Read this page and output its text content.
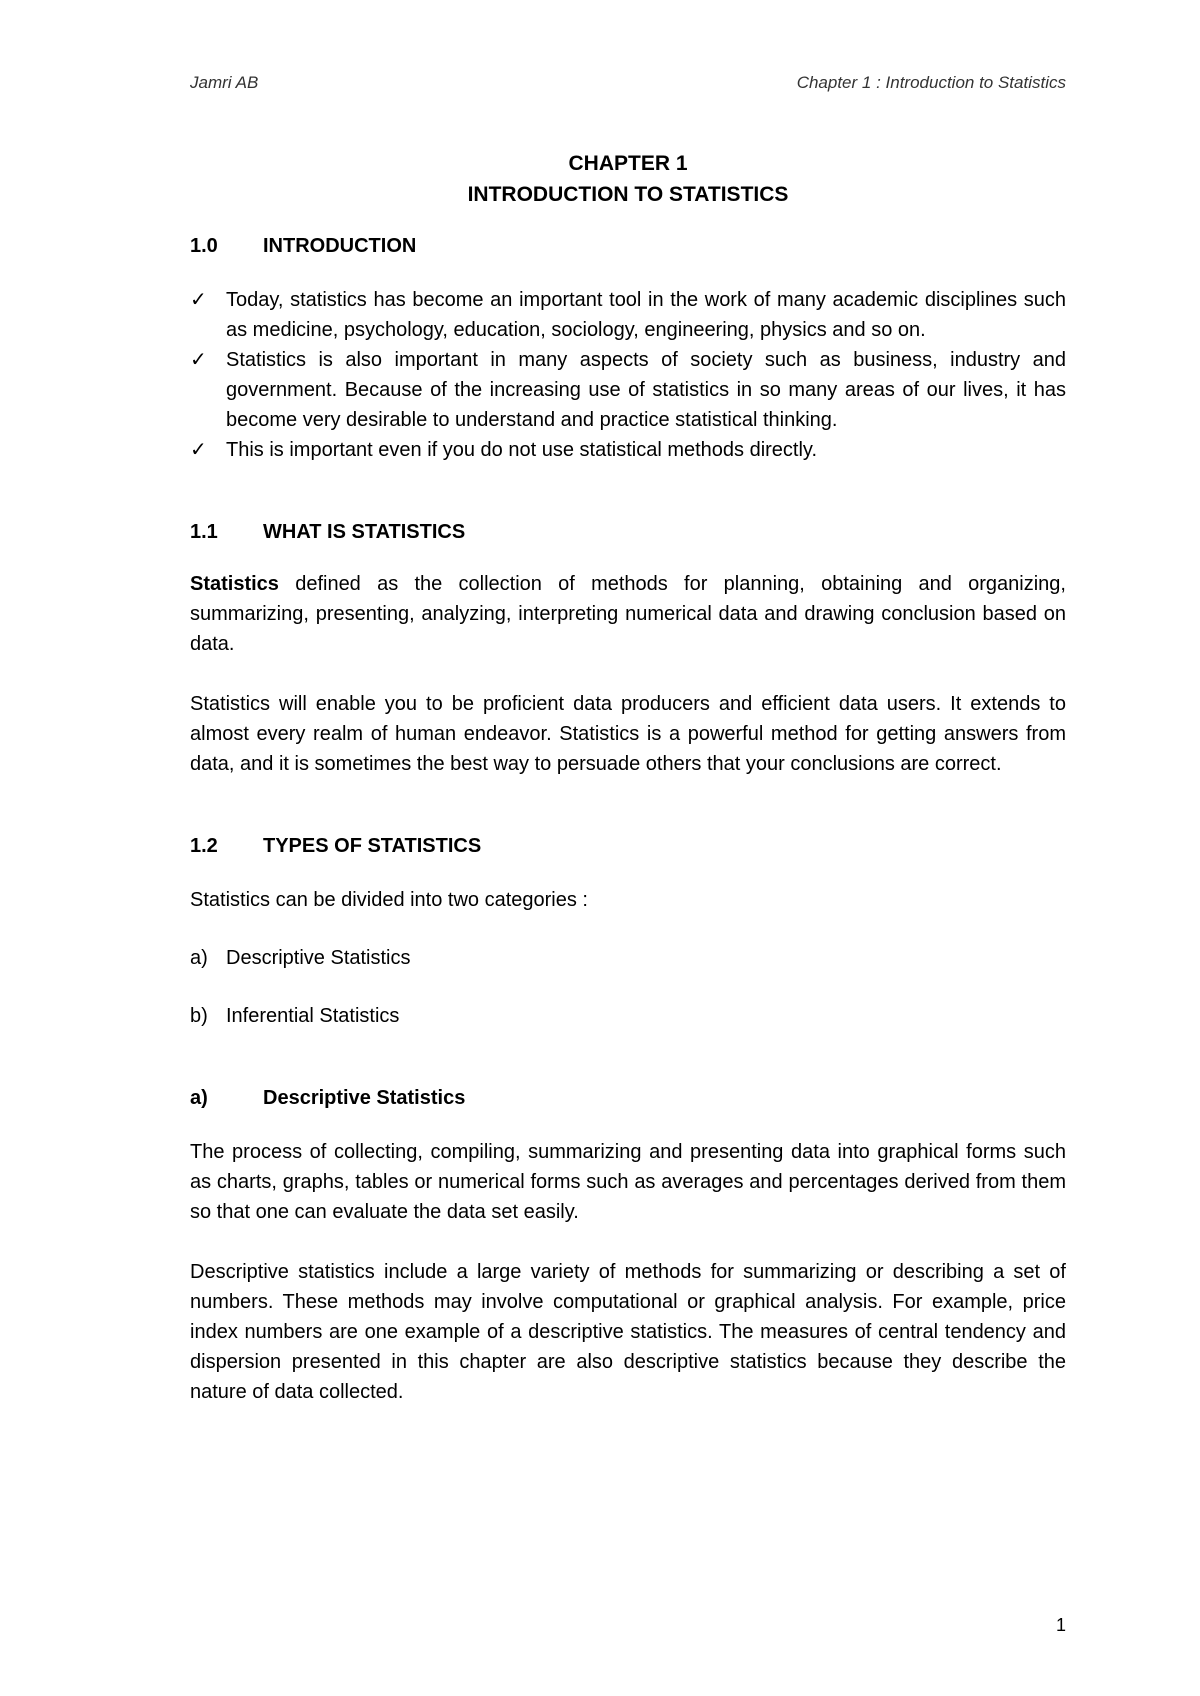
Jamri AB	Chapter 1 : Introduction to Statistics
CHAPTER 1
INTRODUCTION TO STATISTICS
1.0 INTRODUCTION
✓ Today, statistics has become an important tool in the work of many academic disciplines such as medicine, psychology, education, sociology, engineering, physics and so on.
✓ Statistics is also important in many aspects of society such as business, industry and government. Because of the increasing use of statistics in so many areas of our lives, it has become very desirable to understand and practice statistical thinking.
✓ This is important even if you do not use statistical methods directly.
1.1 WHAT IS STATISTICS

Statistics defined as the collection of methods for planning, obtaining and organizing, summarizing, presenting, analyzing, interpreting numerical data and drawing conclusion based on data.

Statistics will enable you to be proficient data producers and efficient data users. It extends to almost every realm of human endeavor. Statistics is a powerful method for getting answers from data, and it is sometimes the best way to persuade others that your conclusions are correct.

1.2 TYPES OF STATISTICS

Statistics can be divided into two categories :

a) Descriptive Statistics
b) Inferential Statistics
a)	Descriptive Statistics

The process of collecting, compiling, summarizing and presenting data into graphical forms such as charts, graphs, tables or numerical forms such as averages and percentages derived from them so that one can evaluate the data set easily.

Descriptive statistics include a large variety of methods for summarizing or describing a set of numbers. These methods may involve computational or graphical analysis. For example, price index numbers are one example of a descriptive statistics. The measures of central tendency and dispersion presented in this chapter are also descriptive statistics because they describe the nature of data collected.

1
